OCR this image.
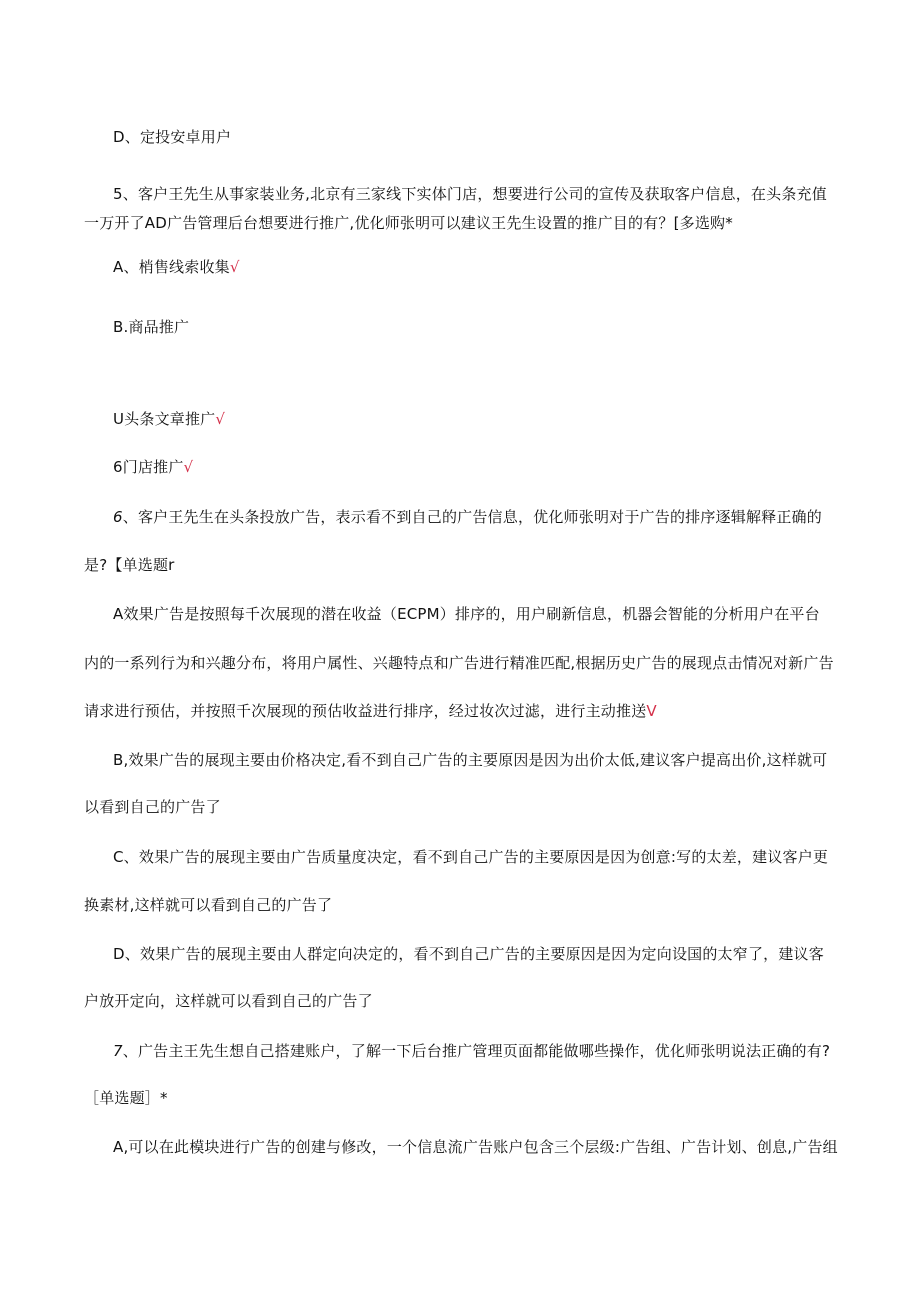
D、定投安卓用户
5、客户王先生从事家装业务,北京有三家线下实体门店，想要进行公司的宣传及获取客户信息，在头条充值
一万开了AD广告管理后台想要进行推广,优化师张明可以建议王先生设置的推广目的有？[多选购*
A、梢售线索收集√
B.商品推广
U头条文章推广√
6门店推广√
6、客户王先生在头条投放广告，表示看不到自己的广告信息，优化师张明对于广告的排序逐辑解释正确的
是?【单选题r
A效果广告是按照每千次展现的潜在收益（ECPM）排序的，用户刷新信息，机器会智能的分析用户在平台
内的一系列行为和兴趣分布，将用户属性、兴趣特点和广告进行精准匹配,根据历史广告的展现点击情况对新广告
请求进行预估，并按照千次展现的预估收益进行排序，经过妆次过滤，进行主动推送V
B,效果广告的展现主要由价格决定,看不到自己广告的主要原因是因为出价太低,建议客户提高出价,这样就可
以看到自己的广告了
C、效果广告的展现主要由广告质量度决定，看不到自己广告的主要原因是因为创意:写的太差，建议客户更
换素材,这样就可以看到自己的广告了
D、效果广告的展现主要由人群定向决定的，看不到自己广告的主要原因是因为定向设国的太窄了，建议客
户放开定向，这样就可以看到自己的广告了
7、广告主王先生想自己搭建账户，了解一下后台推广管理页面都能做哪些操作，优化师张明说法正确的有?
［单选题］*
A,可以在此模块进行广告的创建与修改，一个信息流广告账户包含三个层级:广告组、广告计划、创息,广告组
